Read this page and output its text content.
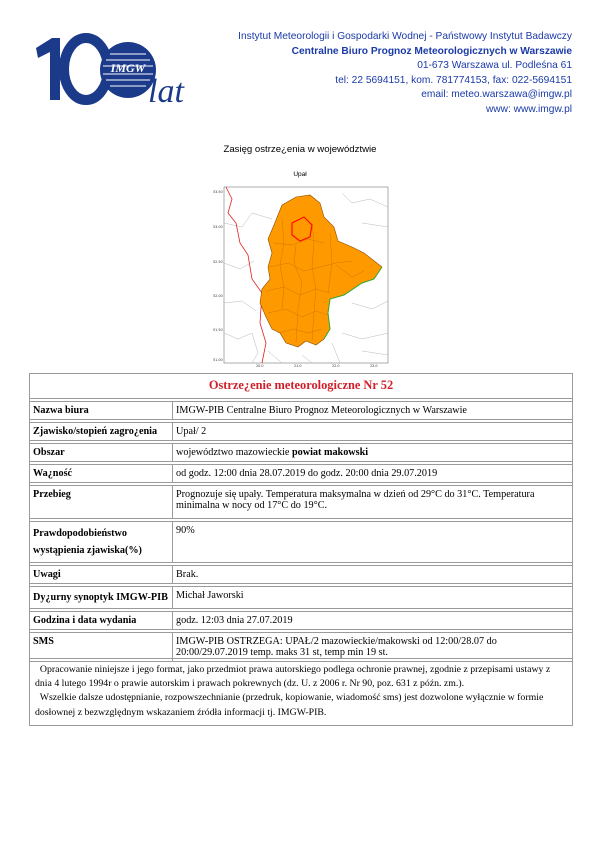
IMGW
lat
Instytut Meteorologii i Gospodarki Wodnej - Państwowy Instytut Badawczy
Centralne Biuro Prognoz Meteorologicznych w Warszawie
01-673 Warszawa ul. Podleśna 61
tel: 22 5694151, kom. 781774153, fax: 022-5694151
email: meteo.warszawa@imgw.pl
www: www.imgw.pl
Zasięg ostrze¿enia w województwie
Upał
53.50
53.00
52.50
52.00
51.50
51.00
20.0	21.0	22.0	23.0
Ostrze¿enie meteorologiczne Nr 52	

Nazwa biura	IMGW-PIB Centralne Biuro Prognoz Meteorologicznych w Warszawie

Zjawisko/stopień zagro¿enia	Upał/ 2

Obszar	województwo mazowieckie powiat makowski

Wa¿ność	od godz. 12:00 dnia 28.07.2019 do godz. 20:00 dnia 29.07.2019

Przebieg	Prognozuje się upały. Temperatura maksymalna w dzień od 29°C do 31°C. Temperatura minimalna w nocy od 17°C do 19°C.

Prawdopodobieństwo wystąpienia zjawiska(%)	90%

Uwagi	Brak.

Dy¿urny synoptyk IMGW-PIB	Michał Jaworski

Godzina i data wydania	godz. 12:03 dnia 27.07.2019

SMS	IMGW-PIB OSTRZEGA: UPAŁ/2 mazowieckie/makowski od 12:00/28.07 do 20:00/29.07.2019 temp. maks 31 st, temp min 19 st.

Opracowanie niniejsze i jego format, jako przedmiot prawa autorskiego podlega ochronie prawnej, zgodnie z przepisami ustawy z dnia 4 lutego 1994r o prawie autorskim i prawach pokrewnych (dz. U. z 2006 r. Nr 90, poz. 631 z późn. zm.).

Wszelkie dalsze udostępnianie, rozpowszechnianie (przedruk, kopiowanie, wiadomość sms) jest dozwolone wyłącznie w formie dosłownej z bezwzględnym wskazaniem źródła informacji tj. IMGW-PIB.
